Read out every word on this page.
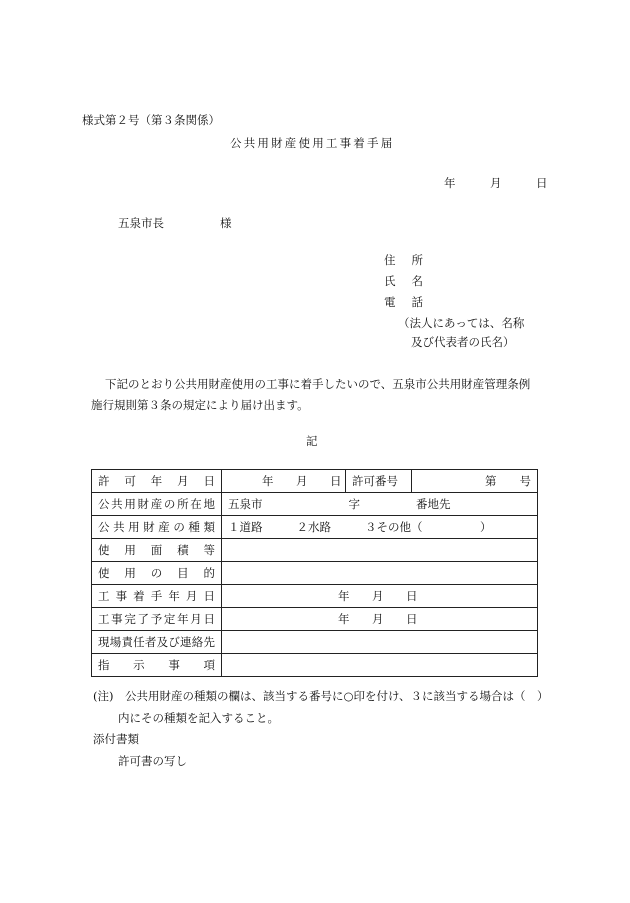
様式第２号（第３条関係）
公共用財産使用工事着手届
年	月	日
五泉市長	様
住 所
氏 名
電 話
（法人にあっては、名称
及び代表者の氏名）
下記のとおり公共用財産使用の工事に着手したいので、五泉市公共用財産管理条例施行規則第３条の規定により届け出ます。
記
許可年月日	年 月 日	許可番号	第　　号
公共用財産の所在地	五泉市 字 番地先		
公共用財産の種類	１道路 ２水路 ３その他（　　　　　）		
使用面積等			
使用の目的			
工事着手年月日	年 月 日		
工事完了予定年月日	年 月 日		
現場責任者及び連絡先			
指示事項			
(注)　公共用財産の種類の欄は、該当する番号に○印を付け、３に該当する場合は（　）
内にその種類を記入すること。
添付書類
許可書の写し
